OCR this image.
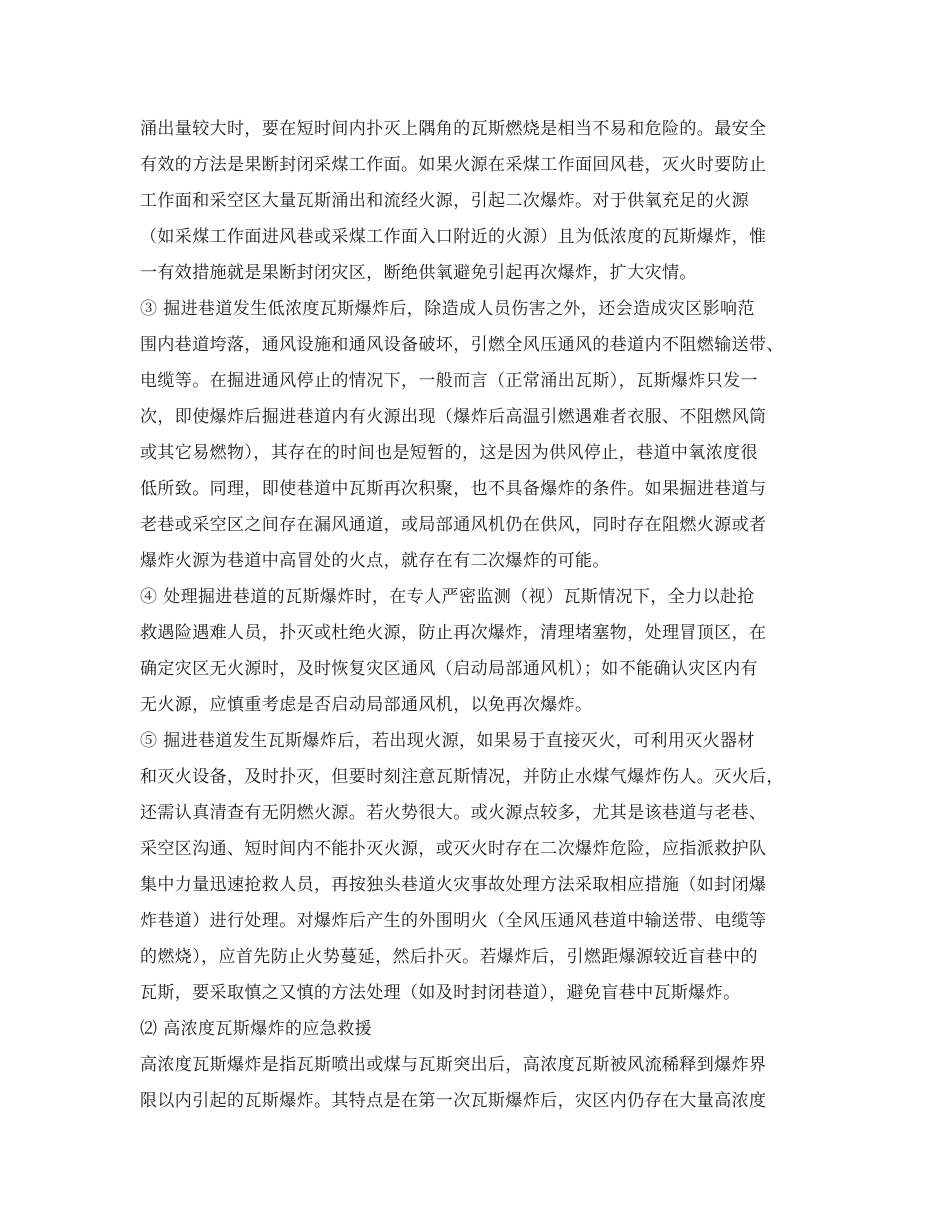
涌出量较大时，要在短时间内扑灭上隅角的瓦斯燃烧是相当不易和危险的。最安全
有效的方法是果断封闭采煤工作面。如果火源在采煤工作面回风巷，灭火时要防止
工作面和采空区大量瓦斯涌出和流经火源，引起二次爆炸。对于供氧充足的火源
（如采煤工作面进风巷或采煤工作面入口附近的火源）且为低浓度的瓦斯爆炸，惟
一有效措施就是果断封闭灾区，断绝供氧避免引起再次爆炸，扩大灾情。
③ 掘进巷道发生低浓度瓦斯爆炸后，除造成人员伤害之外，还会造成灾区影响范
围内巷道垮落，通风设施和通风设备破坏，引燃全风压通风的巷道内不阻燃输送带、
电缆等。在掘进通风停止的情况下，一般而言（正常涌出瓦斯），瓦斯爆炸只发一
次，即使爆炸后掘进巷道内有火源出现（爆炸后高温引燃遇难者衣服、不阻燃风筒
或其它易燃物），其存在的时间也是短暂的，这是因为供风停止，巷道中氧浓度很
低所致。同理，即使巷道中瓦斯再次积聚，也不具备爆炸的条件。如果掘进巷道与
老巷或采空区之间存在漏风通道，或局部通风机仍在供风，同时存在阻燃火源或者
爆炸火源为巷道中高冒处的火点，就存在有二次爆炸的可能。
④ 处理掘进巷道的瓦斯爆炸时，在专人严密监测（视）瓦斯情况下，全力以赴抢
救遇险遇难人员，扑灭或杜绝火源，防止再次爆炸，清理堵塞物，处理冒顶区，在
确定灾区无火源时，及时恢复灾区通风（启动局部通风机）；如不能确认灾区内有
无火源，应慎重考虑是否启动局部通风机，以免再次爆炸。
⑤ 掘进巷道发生瓦斯爆炸后，若出现火源，如果易于直接灭火，可利用灭火器材
和灭火设备，及时扑灭，但要时刻注意瓦斯情况，并防止水煤气爆炸伤人。灭火后，
还需认真清查有无阴燃火源。若火势很大。或火源点较多，尤其是该巷道与老巷、
采空区沟通、短时间内不能扑灭火源，或灭火时存在二次爆炸危险，应指派救护队
集中力量迅速抢救人员，再按独头巷道火灾事故处理方法采取相应措施（如封闭爆
炸巷道）进行处理。对爆炸后产生的外围明火（全风压通风巷道中输送带、电缆等
的燃烧），应首先防止火势蔓延，然后扑灭。若爆炸后，引燃距爆源较近盲巷中的
瓦斯，要采取慎之又慎的方法处理（如及时封闭巷道），避免盲巷中瓦斯爆炸。
⑵ 高浓度瓦斯爆炸的应急救援
高浓度瓦斯爆炸是指瓦斯喷出或煤与瓦斯突出后，高浓度瓦斯被风流稀释到爆炸界
限以内引起的瓦斯爆炸。其特点是在第一次瓦斯爆炸后，灾区内仍存在大量高浓度
